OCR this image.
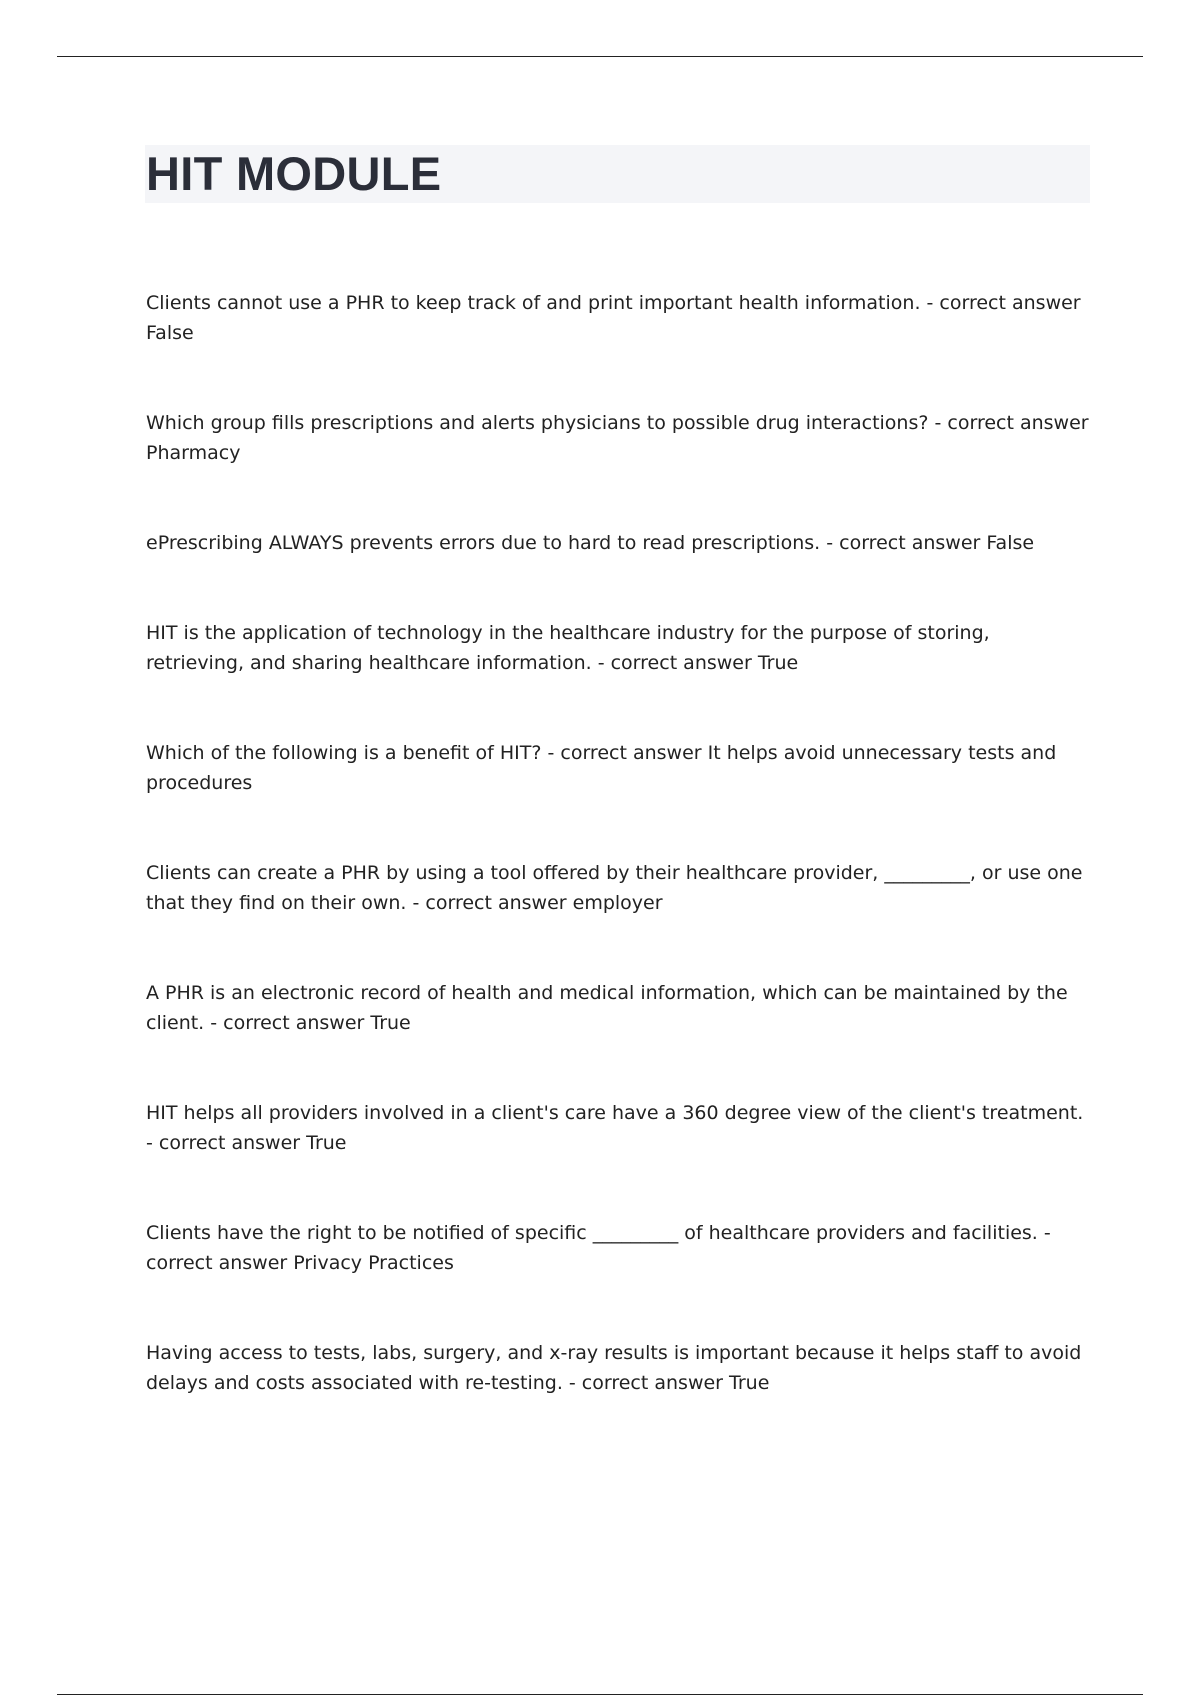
HIT MODULE
Clients cannot use a PHR to keep track of and print important health information. - correct answer False
Which group fills prescriptions and alerts physicians to possible drug interactions? - correct answer Pharmacy
ePrescribing ALWAYS prevents errors due to hard to read prescriptions. - correct answer False
HIT is the application of technology in the healthcare industry for the purpose of storing, retrieving, and sharing healthcare information. - correct answer True
Which of the following is a benefit of HIT? - correct answer It helps avoid unnecessary tests and procedures
Clients can create a PHR by using a tool offered by their healthcare provider, _________, or use one that they find on their own. - correct answer employer
A PHR is an electronic record of health and medical information, which can be maintained by the client. - correct answer True
HIT helps all providers involved in a client's care have a 360 degree view of the client's treatment. - correct answer True
Clients have the right to be notified of specific _________ of healthcare providers and facilities. - correct answer Privacy Practices
Having access to tests, labs, surgery, and x-ray results is important because it helps staff to avoid delays and costs associated with re-testing. - correct answer True
